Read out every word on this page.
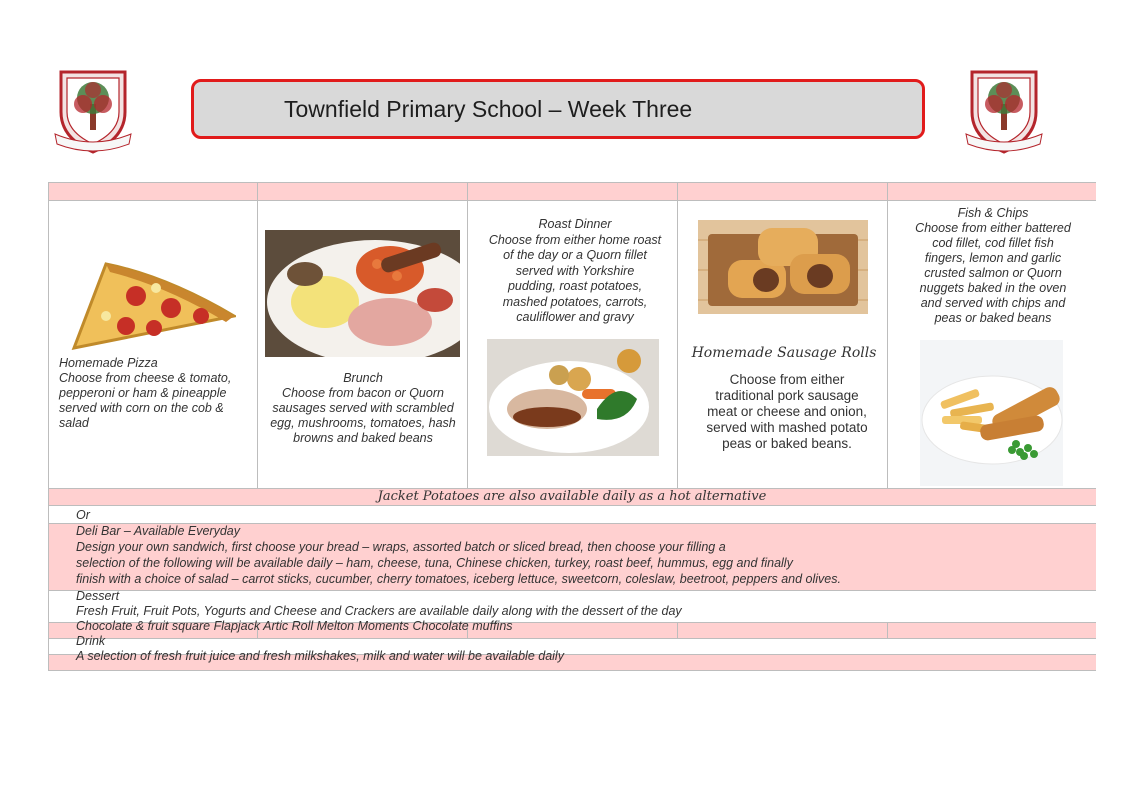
Townfield Primary School – Week Three
Homemade Pizza
Choose from cheese & tomato, pepperoni or ham & pineapple served with corn on the cob & salad
Brunch
Choose from bacon or Quorn sausages served with scrambled egg, mushrooms, tomatoes, hash browns and baked beans
Roast Dinner
Choose from either home roast
of the day or a Quorn fillet
served with Yorkshire
pudding, roast potatoes,
mashed potatoes, carrots,
cauliflower and gravy
Homemade Sausage Rolls
Choose from either
traditional pork sausage
meat or cheese and onion,
served with mashed potato
peas or baked beans.
Fish & Chips
Choose from either battered
cod fillet, cod fillet fish
fingers, lemon and garlic
crusted salmon or Quorn
nuggets baked in the oven
and served with chips and
peas or baked beans
Jacket Potatoes are also available daily as a hot alternative
Or
Deli Bar – Available Everyday
Design your own sandwich, first choose your bread – wraps, assorted batch or sliced bread, then choose your filling a
selection of the following will be available daily – ham, cheese, tuna, Chinese chicken, turkey, roast beef, hummus, egg and finally
finish with a choice of salad – carrot sticks, cucumber, cherry tomatoes, iceberg lettuce, sweetcorn, coleslaw, beetroot, peppers and olives.
Dessert
Fresh Fruit, Fruit Pots, Yogurts and Cheese and Crackers are available daily along with the dessert of the day
Chocolate & fruit square Flapjack Artic Roll Melton Moments Chocolate muffins
Drink
A selection of fresh fruit juice and fresh milkshakes, milk and water will be available daily
